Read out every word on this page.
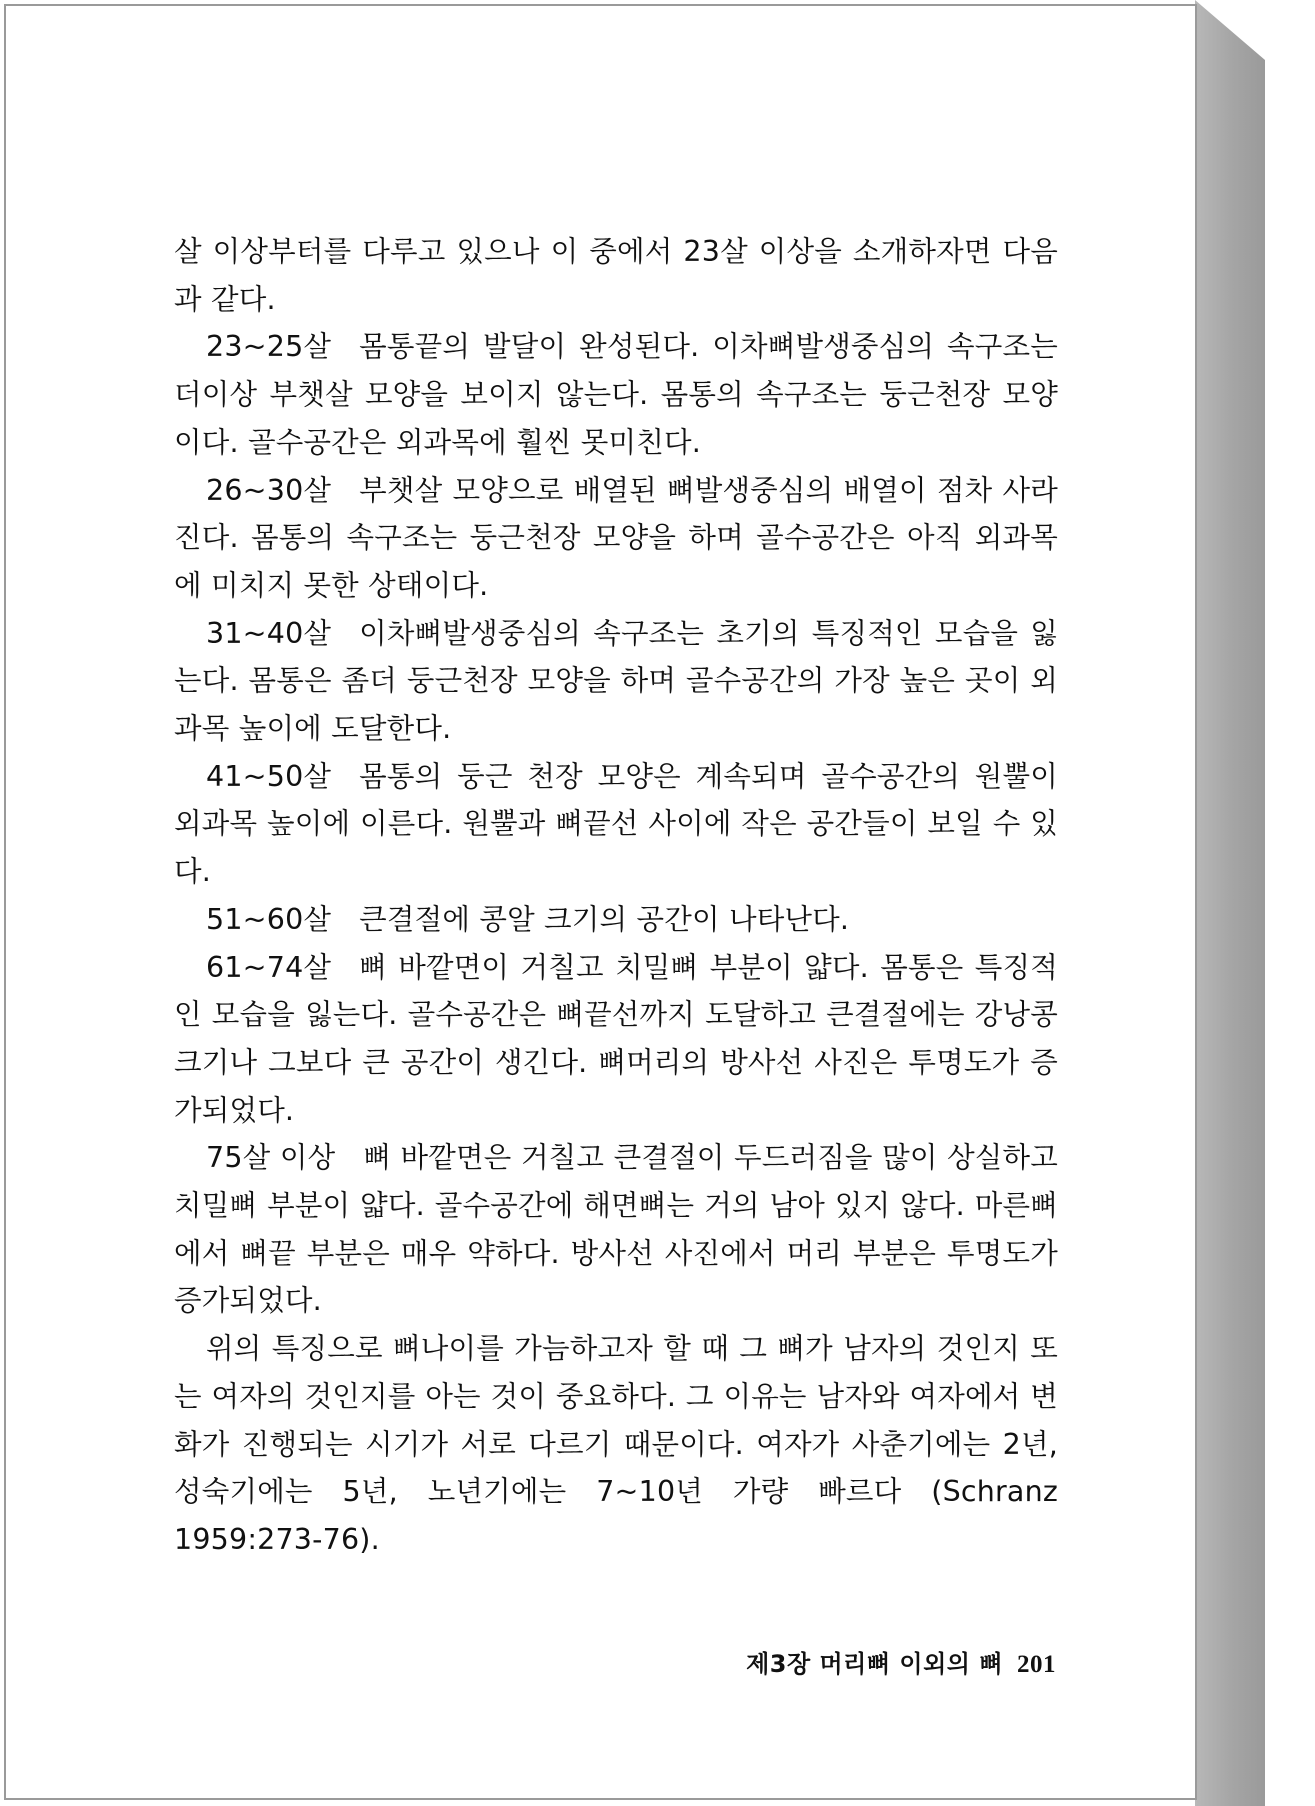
살 이상부터를 다루고 있으나 이 중에서 23살 이상을 소개하자면 다음과 같다.

23~25살 몸통끝의 발달이 완성된다. 이차뼈발생중심의 속구조는 더이상 부챗살 모양을 보이지 않는다. 몸통의 속구조는 둥근천장 모양이다. 골수공간은 외과목에 훨씬 못미친다.

26~30살 부챗살 모양으로 배열된 뼈발생중심의 배열이 점차 사라진다. 몸통의 속구조는 둥근천장 모양을 하며 골수공간은 아직 외과목에 미치지 못한 상태이다.

31~40살 이차뼈발생중심의 속구조는 초기의 특징적인 모습을 잃는다. 몸통은 좀더 둥근천장 모양을 하며 골수공간의 가장 높은 곳이 외과목 높이에 도달한다.

41~50살 몸통의 둥근 천장 모양은 계속되며 골수공간의 원뿔이 외과목 높이에 이른다. 원뿔과 뼈끝선 사이에 작은 공간들이 보일 수 있다.

51~60살 큰결절에 콩알 크기의 공간이 나타난다.

61~74살 뼈 바깥면이 거칠고 치밀뼈 부분이 얇다. 몸통은 특징적인 모습을 잃는다. 골수공간은 뼈끝선까지 도달하고 큰결절에는 강낭콩 크기나 그보다 큰 공간이 생긴다. 뼈머리의 방사선 사진은 투명도가 증가되었다.

75살 이상 뼈 바깥면은 거칠고 큰결절이 두드러짐을 많이 상실하고 치밀뼈 부분이 얇다. 골수공간에 해면뼈는 거의 남아 있지 않다. 마른뼈에서 뼈끝 부분은 매우 약하다. 방사선 사진에서 머리 부분은 투명도가 증가되었다.

위의 특징으로 뼈나이를 가늠하고자 할 때 그 뼈가 남자의 것인지 또는 여자의 것인지를 아는 것이 중요하다. 그 이유는 남자와 여자에서 변화가 진행되는 시기가 서로 다르기 때문이다. 여자가 사춘기에는 2년, 성숙기에는 5년, 노년기에는 7~10년 가량 빠르다 (Schranz 1959:273-76).

제3장 머리뼈 이외의 뼈 201
